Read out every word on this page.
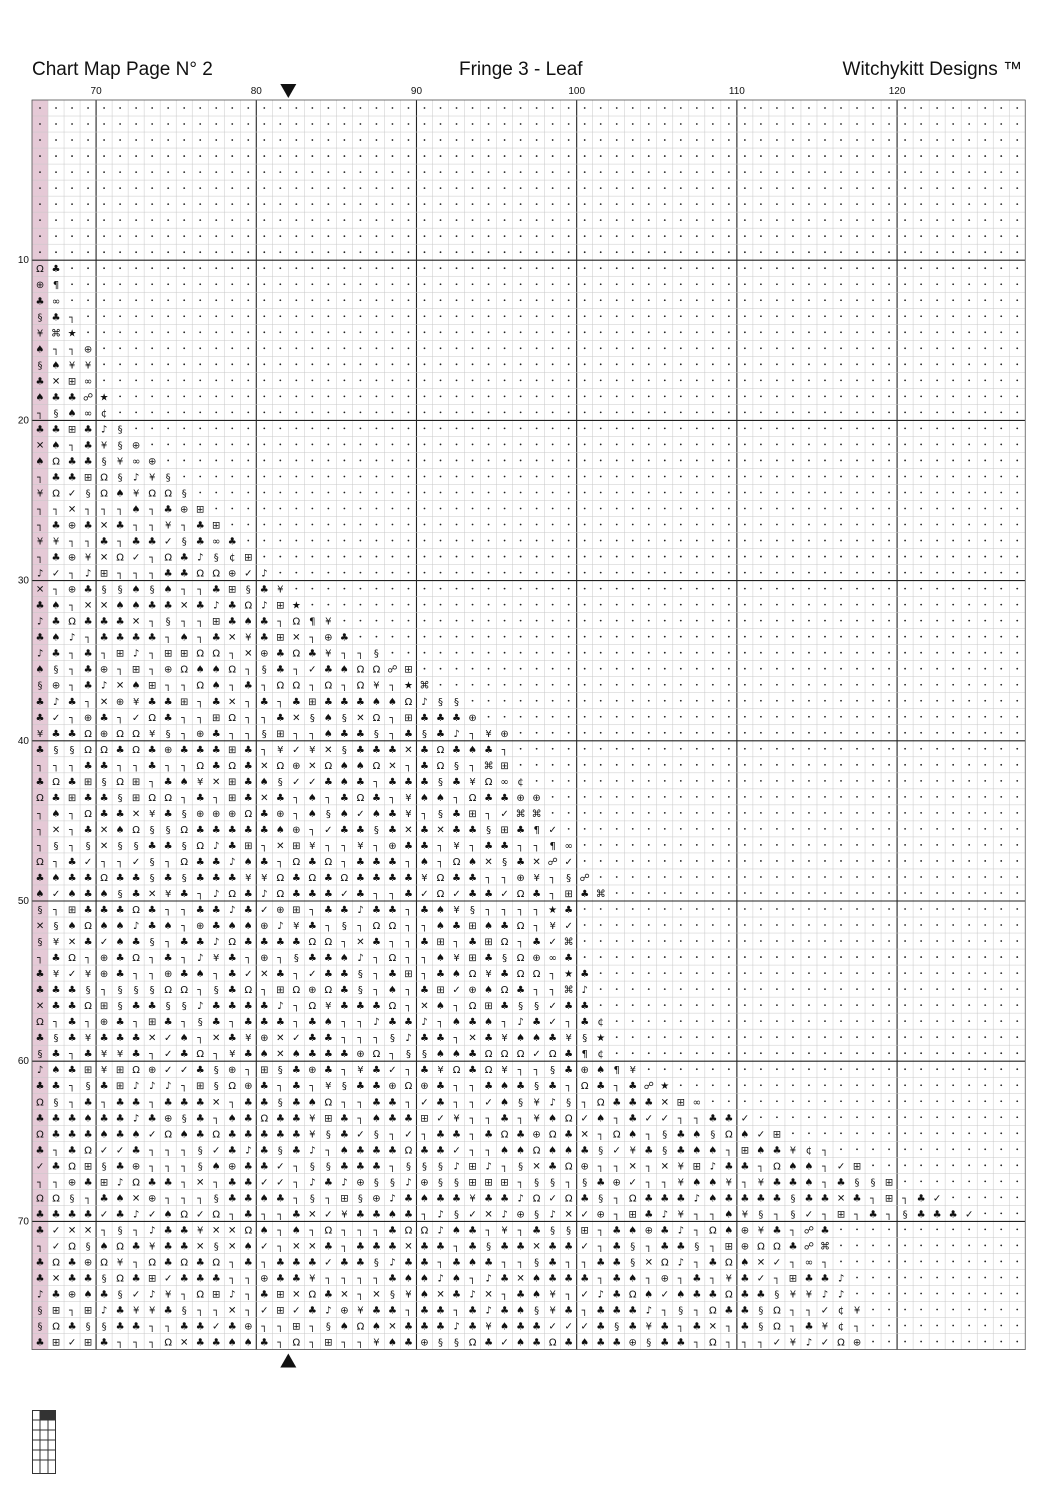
Chart Map Page N° 2	Fringe 3 - Leaf	Witchykitt Designs ™
Ω ♣
⊕ ¶
♣ ∞
§ ♣ ┐
¥ ⌘ ★
♠ ┐ ┐ ⊕
§ ♠ ¥ ¥
♣ ✕ ⊞ ∞
♠ ♣ ♣ ☍ ★
┐ § ♠ ∞ ¢
♣ ♣ ⊞ ♣ ♪ §
✕ ♠ ┐ ♣ ¥ § ⊕
♠ Ω ♣ ♣ § ¥ ∞ ⊕
┐ ♣ ♣ ⊞ Ω § ♪ ¥ §
¥ Ω ✓ § Ω ♠ ¥ Ω Ω §
┐ ┐ ✕ ┐ ┐ ┐ ♠ ┐ ♣ ⊕ ⊞
┐ ♣ ⊕ ♣ ✕ ♣ ┐ ┐ ¥ ┐ ♣ ⊞
¥ ¥ ┐ ┐ ♣ ┐ ♣ ♣ ✓ § ♣ ∞ ♣
┐ ♣ ⊕ ¥ ✕ Ω ✓ ┐ Ω ♣ ♪ § ¢ ⊞
♪ ✓ ┐ ♪ ⊞ ┐ ┐ ┐ ♣ ♣ Ω Ω ⊕ ✓ ♪
✕ ┐ ⊕ ♣ § § ♠ § ♠ ┐ ┐ ♣ ⊞ § ♣ ¥
♣ ♠ ┐ ✕ ✕ ♠ ♠ ♣ ♣ ✕ ♣ ♪ ♣ Ω ♪ ⊞ ★
♪ ♣ Ω ♣ ♣ ♣ ✕ ┐ § ┐ ┐ ⊞ ♣ ♠ ♣ ┐ Ω ¶ ¥
♣ ♠ ♪ ┐ ♣ ♣ ♣ ♣ ┐ ♠ ┐ ♣ ✕ ¥ ♣ ⊞ ✕ ┐ ⊕ ♣
♪ ♣ ┐ ♣ ┐ ⊞ ♪ ┐ ⊞ ⊞ Ω Ω ┐ ✕ ⊕ ♣ Ω ♣ ¥ ┐ ┐ §
♠ § ┐ ♣ ⊕ ┐ ⊞ ┐ ⊕ Ω ♠ ♠ Ω ┐ § ♣ ┐ ✓ ♣ ♠ Ω Ω ☍ ⊞
§ ⊕ ┐ ♣ ♪ ✕ ♠ ⊞ ┐ ┐ Ω ♠ ┐ ♣ ┐ Ω Ω ┐ Ω ┐ Ω ¥ ┐ ★ ⌘
♣ ♪ ♣ ┐ ✕ ⊕ ¥ ♣ ♣ ⊞ ┐ ♣ ✕ ┐ ♣ ┐ ♣ ⊞ ♣ ♣ ♣ ♠ ♠ Ω ♪ § §
♣ ✓ ┐ ⊕ ♣ ┐ ✓ Ω ♣ ┐ ┐ ⊞ Ω ┐ ┐ ♣ ✕ § ♠ § ✕ Ω ┐ ⊞ ♣ ♣ ♣ ⊕
¥ ♣ ♣ Ω ⊕ Ω Ω ¥ § ┐ ⊕ ♣ ┐ ┐ § ⊞ ┐ ┐ ♠ ♣ ♣ § ┐ ♣ § ♣ ♪ ┐ ¥ ⊕
♣ § § Ω Ω ♣ Ω ♣ ⊕ ♣ ♣ ♣ ⊞ ♣ ┐ ¥ ✓ ¥ ✕ § ♣ ♣ ♣ ✕ ♣ Ω ♣ ♠ ♣ ┐
┐ ┐ ┐ ♣ ♣ ┐ ┐ ♣ ┐ ┐ Ω ♣ Ω ♣ ✕ Ω ⊕ ✕ Ω ♠ ♠ Ω ✕ ┐ ♣ Ω § ┐ ⌘ ⊞
♣ Ω ♣ ⊞ § Ω ⊞ ┐ ♣ ♠ ¥ ✕ ⊞ ♣ ♠ § ✓ ✓ ♣ ♠ ♣ ┐ ♣ ♣ ♣ § ♣ ¥ Ω ∞ ¢
Ω ♣ ⊞ ♣ ♣ § ⊞ Ω Ω ┐ ♣ ┐ ⊞ ♣ ✕ ♣ ┐ ♠ ┐ ♣ Ω ♣ ┐ ¥ ♠ ♠ ┐ Ω ♣ ♣ ⊕ ⊕
┐ ♠ ┐ Ω ♣ ♣ ✕ ¥ ♣ § ⊕ ⊕ ⊕ Ω ♣ ⊕ ┐ ♠ § ♠ ✓ ♠ ♣ ¥ ┐ § ♣ ⊞ ┐ ✓ ⌘ ⌘
┐ ✕ ┐ ♣ ✕ ♠ Ω § § Ω ♣ ♣ ♣ ♣ ♣ ♠ ⊕ ┐ ✓ ♣ ♣ § ♣ ✕ ♣ ✕ ♣ ♣ § ⊞ ♣ ¶ ✓
┐ § ┐ § ✕ § § ♣ ♣ § Ω ♪ ♣ ⊞ ┐ ✕ ⊞ ¥ ┐ ┐ ¥ ┐ ⊕ ♣ ♣ ┐ ¥ ┐ ♣ ♣ ┐ ┐ ¶ ∞
Ω ┐ ♣ ✓ ┐ ┐ ✓ § ┐ Ω ♣ ♣ ♪ ♠ ♣ ┐ Ω ♣ Ω ┐ ♣ ♣ ♣ ┐ ♠ ┐ Ω ♠ ✕ § ♣ ✕ ☍ ✓
♣ ♠ ♣ ♣ Ω ♣ ♣ § ♣ § ♣ ♣ ♣ ¥ ¥ Ω ♣ Ω ♣ Ω ♣ ♣ ♣ ♣ ¥ Ω ♣ ♣ ┐ ┐ ⊕ ¥ ┐ § ☍
♠ ✓ ♠ ♣ ♠ § ♣ ✕ ¥ ♣ ┐ ♪ Ω ♣ ♪ Ω ♣ ♣ ♣ ✓ ♣ ┐ ┐ ♣ ✓ Ω ✓ ♣ ♣ ✓ Ω ♣ ┐ ⊞ ♣ ⌘
§ ┐ ⊞ ♣ ♣ ♣ Ω ♣ ┐ ┐ ♣ ♣ ♪ ♣ ✓ ⊕ ⊞ ┐ ♣ ♣ ♪ ♣ ♣ ┐ ♣ ♠ ¥ § ┐ ┐ ┐ ┐ ★ ♣
✕ § ♠ Ω ♠ ♠ ♪ ♣ ♠ ┐ ⊕ ♣ ♠ ♠ ⊕ ♪ ¥ ♣ ┐ § ┐ Ω Ω ┐ ┐ ♠ ♣ ⊞ ♠ ♣ Ω ┐ ¥ ✓
§ ¥ ✕ ♣ ✓ ♠ ♣ § ┐ ♣ ♣ ♪ Ω ♣ ♣ ♣ ♣ Ω Ω ┐ ✕ ♣ ┐ ┐ ♣ ⊞ ┐ ♣ ⊞ Ω ┐ ♣ ✓ ⌘
┐ ♣ Ω ┐ ⊕ ♣ Ω ┐ ♣ ┐ ♪ ¥ ♣ ┐ ⊕ ┐ § ♣ ♣ ♠ ♪ ┐ Ω ┐ ┐ ♠ ¥ ⊞ ♣ § Ω ⊕ ∞ ♣
♣ ¥ ✓ ¥ ⊕ ♣ ┐ ┐ ⊕ ♣ ♠ ┐ ♣ ✓ ✕ ♣ ┐ ✓ ♣ ♣ § ┐ ♣ ⊞ ┐ ♣ ♠ Ω ¥ ♣ Ω Ω ┐ ★ ♣
♣ ♣ ♣ § ┐ § § § Ω Ω ┐ § ♣ Ω ┐ ⊞ Ω ⊕ Ω ♣ § ┐ ♠ ┐ ♣ ⊞ ✓ ⊕ ♠ Ω ♣ ┐ ┐ ⌘ ♪
✕ ♣ ♣ Ω ⊞ § ♣ ♣ § § ♪ ♣ ♣ ♣ ♣ ♪ ┐ Ω ¥ ♣ ♣ ♣ Ω ┐ ✕ ♠ ┐ Ω ⊞ ♣ § § ✓ ♣ ♣
Ω ┐ ♣ ┐ ⊕ ♣ ┐ ⊞ ♣ ┐ § ♣ ┐ ♣ ♣ ♣ ┐ ♣ ♠ ┐ ┐ ♪ ♣ ♣ ♪ ┐ ♠ ♣ ♠ ┐ ♪ ♣ ✓ ┐ ♣ ¢
♣ § ♣ ¥ ♣ ♣ ♣ ✕ ✓ ♠ ┐ ✕ ♣ ¥ ⊕ ✕ ✓ ♣ ♣ ┐ ┐ ┐ § ♪ ♣ ♣ ┐ ✕ ♣ ¥ ♠ ♠ ♣ ¥ § ★
§ ♣ ┐ ♣ ¥ ¥ ♣ ┐ ✓ ♣ Ω ┐ ¥ ♣ ♠ ✕ ♠ ♣ ♣ ♣ ⊕ Ω ┐ § § ♠ ♠ ♣ Ω Ω Ω ✓ Ω ♣ ¶ ¢
♪ ♠ ♣ ⊞ ¥ ⊞ Ω ⊕ ✓ ✓ ♣ § ⊕ ┐ ⊞ § ♣ ⊕ ♣ ┐ ¥ ♣ ✓ ┐ ♣ ¥ Ω ♣ Ω ¥ ┐ ┐ § ♣ ⊕ ♠ ¶ ¥
♣ ♣ ┐ § ♣ ⊞ ♪ ♪ ♪ ┐ ⊞ § Ω ⊕ ♣ ┐ ♣ ┐ ¥ § ♣ ♣ ⊕ Ω ⊕ ♣ ┐ ┐ ♣ ♠ ♣ § ♣ ┐ Ω ♣ ┐ ♣ ☍ ★
Ω § ┐ ♣ ┐ ♣ ♣ ┐ ♣ ♣ ♣ ✕ ┐ ♣ ♣ § ♣ ♠ Ω ┐ ┐ ♣ ♣ ┐ ✓ ♣ ┐ ┐ ✓ ♠ § ¥ ♪ § ┐ Ω ♣ ♣ ♣ ✕ ⊞ ∞
♣ ♣ ♣ ♠ ♣ ♣ ♪ ♣ ⊕ § ♣ ┐ ♠ ♣ Ω ♣ ♣ ¥ ⊞ ♣ ┐ ♠ ♣ ♣ ⊞ ✓ ¥ ┐ ┐ ♣ ┐ ¥ ♠ Ω ✓ ♠ ┐ ♣ ✓ ✓ ┐ ┐ ♣ ♣ ✓
Ω ♣ ♣ ♣ ♠ ♣ ♠ ✓ Ω ♠ ♣ Ω ♣ ♣ ♣ ♣ ♣ ¥ § ♣ ✓ § ┐ ✓ ┐ ♣ ♣ ┐ ♣ Ω ♣ ⊕ Ω ♣ ✕ ┐ Ω ♠ ┐ § ♣ ♠ § Ω ♠ ✓ ⊞
♣ ┐ ♣ Ω ✓ ✓ ♣ ┐ ┐ ┐ § ✓ ♣ ♪ ♣ § ♣ ♪ ┐ ♠ ♣ ♣ ♣ Ω ♣ ♣ ✓ ┐ ┐ ♠ ♠ Ω ♠ ♠ ♣ § ✓ ¥ ♣ § ♣ ♠ ♠ ┐ ⊞ ♠ ♣ ¥ ¢ ┐
✓ ♣ Ω ⊞ § ♣ ⊕ ┐ ┐ ┐ § ♠ ⊕ ♣ ♣ ✓ ┐ § § ♣ ♣ ♣ ┐ § § § ♪ ⊞ ♪ ┐ § ✕ ♣ Ω ⊕ ┐ ┐ ✕ ┐ ✕ ¥ ⊞ ♪ ♣ ♣ ┐ Ω ♠ ♠ ┐ ✓ ⊞
┐ ┐ ⊕ ♣ ⊞ ♪ Ω ♣ ♣ ┐ ✕ ┐ ♣ ♣ ✓ ✓ ┐ ♪ ♣ ♪ ⊕ § § ♪ ⊕ § § ⊞ ⊞ ⊞ ┐ § § ┐ § ♣ ⊕ ✓ ┐ ┐ ¥ ♠ ♠ ¥ ┐ ¥ ♣ ♣ ♠ ┐ ♣ § § ⊞
Ω Ω § ┐ ♣ ♠ ✕ ⊕ ┐ ┐ ┐ § ♣ ♣ ♠ ♣ ┐ § ┐ ⊞ § ⊕ ♪ ♣ ♠ ♣ ♣ ¥ ♣ ♣ ♪ Ω ✓ Ω ♣ § ┐ Ω ♣ ♣ ♣ ♪ ♠ ♣ ♣ ♣ ♣ § ♣ ♣ ✕ ♣ ┐ ⊞ ┐ ♣ ✓
♣ ♣ ♣ ♣ ✓ ♣ ♪ ✓ ♠ Ω ✓ Ω ┐ ♣ ┐ ┐ ♣ ✕ ✓ ¥ ♣ ♣ ♠ ♣ ┐ ♪ § ✓ ✕ ♪ ⊕ § ♪ ✕ ✓ ⊕ ┐ ⊞ ♣ ♪ ¥ ┐ ┐ ♠ ¥ § ┐ § ✓ ┐ ⊞ ┐ ♣ ┐ § ♣ ♣ ♣ ✓
♣ ✓ ✕ ✕ ┐ § ┐ ♪ ♣ ♣ ¥ ✕ ✕ Ω ♠ ┐ ♠ ┐ Ω ┐ ┐ ┐ ♣ Ω Ω ♪ ♠ ♣ ┐ ¥ ┐ ♣ § § ⊞ ┐ ♣ ♠ ⊕ ♣ ♪ ┐ Ω ♠ ⊕ ¥ ♣ ┐ ☍ ♣
┐ ✓ Ω § ♠ Ω ♣ ¥ ♣ ♣ ✕ § ✕ ♠ ✓ ┐ ✕ ✕ ♣ ┐ ♣ ♣ ♣ ✕ ♣ ♣ ┐ ♣ § ♣ ♣ ✕ ♣ ♣ ✓ ┐ ♣ § ┐ ♣ ♣ § ┐ ⊞ ⊕ Ω Ω ♣ ☍ ⌘
♣ Ω ♣ ⊕ Ω ¥ ┐ Ω ♣ Ω ♣ Ω ┐ ♣ ┐ ♣ ♣ ♣ ✓ ♣ ♣ § ♪ ♣ ♣ ┐ ♣ ♠ ♣ ┐ ┐ § ♣ ┐ ┐ ♣ ♣ § ✕ Ω ♪ ┐ ♣ Ω ♠ ✕ ✓ ┐ ∞ ┐
♣ ✕ ♣ ♣ § Ω ♣ ⊞ ✓ ♣ ♣ ♣ ┐ ┐ ⊕ ♣ ♣ ¥ ┐ ┐ ┐ ┐ ♣ ♠ ♠ ♪ ♠ ┐ ♪ ♣ ✕ ♠ ♣ ♣ ♣ ┐ ♣ ♠ ┐ ⊕ ┐ ♣ ┐ ¥ ♣ ✓ ┐ ⊞ ♣ ♣ ♪
♪ ♣ ⊕ ♠ ♣ § ✓ ♪ ¥ ┐ Ω ⊞ ♪ ┐ ♣ ⊞ ✕ Ω ♣ ✕ ┐ ✕ § ¥ ♠ ✕ ♣ ♪ ✕ ┐ ♣ ♠ ¥ ┐ ✓ ♪ ♣ Ω ♠ ✓ ♠ ♣ ♣ Ω ♣ ♣ § ¥ ¥ ♪ ♪
§ ⊞ ┐ ⊞ ♪ ♣ ¥ ¥ ♣ § ┐ ┐ ✕ ┐ ✓ ⊞ ✓ ♣ ♪ ⊕ ¥ ♣ ♣ ┐ ♣ ♣ ┐ ♣ ♪ ♣ ♠ § ¥ ♣ ┐ ♣ ♣ ♣ ♪ ┐ § ┐ Ω ♣ ♣ § Ω ┐ ┐ ✓ ¢ ¥
§ Ω ♣ § § ♣ ♣ ┐ ┐ ♣ ♣ ✓ ♣ ⊕ ┐ ┐ ⊞ ┐ § ♠ Ω ♠ ✕ ♣ ♣ ♣ ♪ ♣ ¥ ♠ ♣ ♣ ✓ ✓ ✓ ♣ § ♣ ¥ ♣ ┐ ♣ ✕ ┐ ♣ § Ω ┐ ♣ ¥ ¢ ┐
♣ ⊞ ✓ ⊞ ♣ ┐ ┐ ┐ Ω ✕ ♣ ♣ ♠ ♠ ♣ ┐ Ω ┐ ⊞ ┐ ┐ ¥ ♠ ♣ ⊕ § § Ω ♣ ✓ ♠ ♣ Ω ♣ ♠ ♣ ♣ ⊕ § ♣ ♣ ┐ Ω ┐ ┐ ┐ ✓ ¥ ♪ ✓ Ω ⊕
70	80	90	100	110	120
10
20
30
40
50
60
70
